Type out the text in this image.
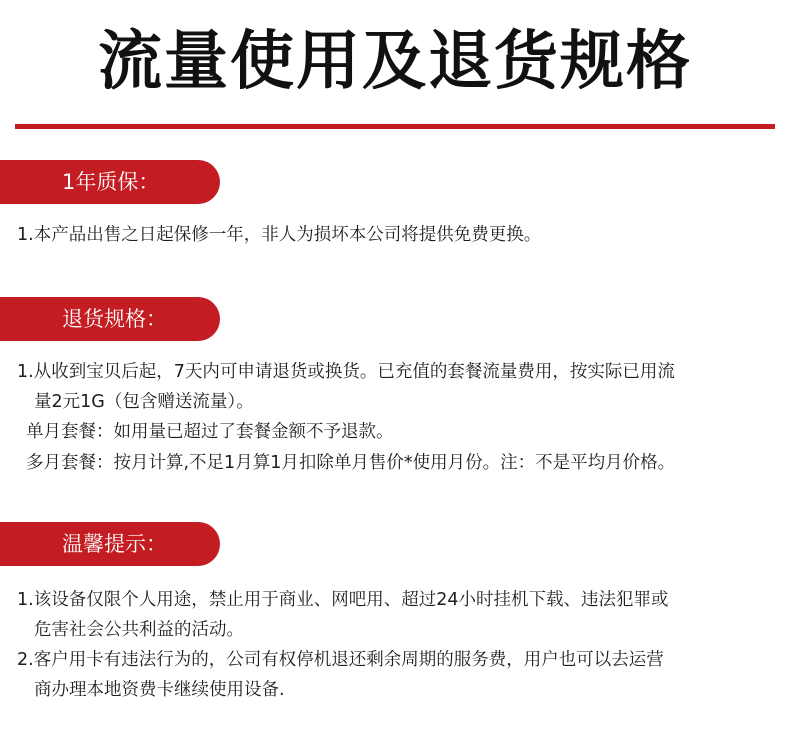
流量使用及退货规格
1年质保：
1.本产品出售之日起保修一年，非人为损坏本公司将提供免费更换。
退货规格：
1.从收到宝贝后起，7天内可申请退货或换货。已充值的套餐流量费用，按实际已用流
量2元1G（包含赠送流量）。
单月套餐：如用量已超过了套餐金额不予退款。
多月套餐：按月计算,不足1月算1月扣除单月售价*使用月份。注：不是平均月价格。
温馨提示：
1.该设备仅限个人用途，禁止用于商业、网吧用、超过24小时挂机下载、违法犯罪或
危害社会公共利益的活动。
2.客户用卡有违法行为的，公司有权停机退还剩余周期的服务费，用户也可以去运营
商办理本地资费卡继续使用设备.
